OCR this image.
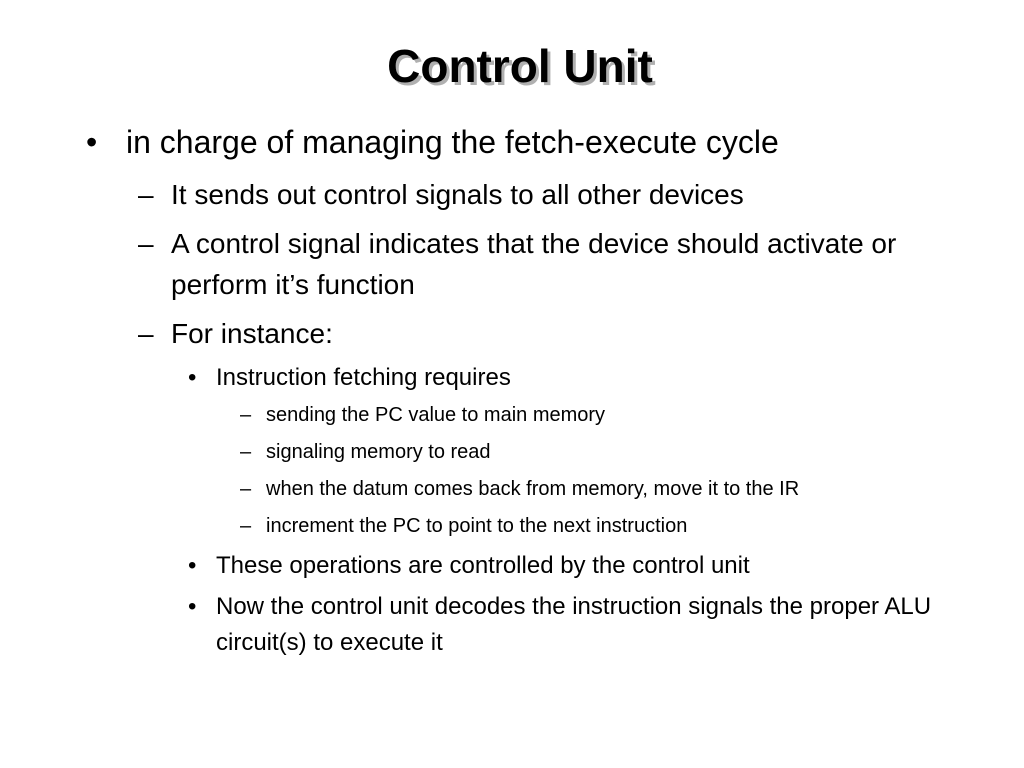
Control Unit
• in charge of managing the fetch-execute cycle
– It sends out control signals to all other devices
– A control signal indicates that the device should activate or perform it’s function
– For instance:
• Instruction fetching requires
– sending the PC value to main memory
– signaling memory to read
– when the datum comes back from memory, move it to the IR
– increment the PC to point to the next instruction
• These operations are controlled by the control unit
• Now the control unit decodes the instruction signals the proper ALU circuit(s) to execute it
